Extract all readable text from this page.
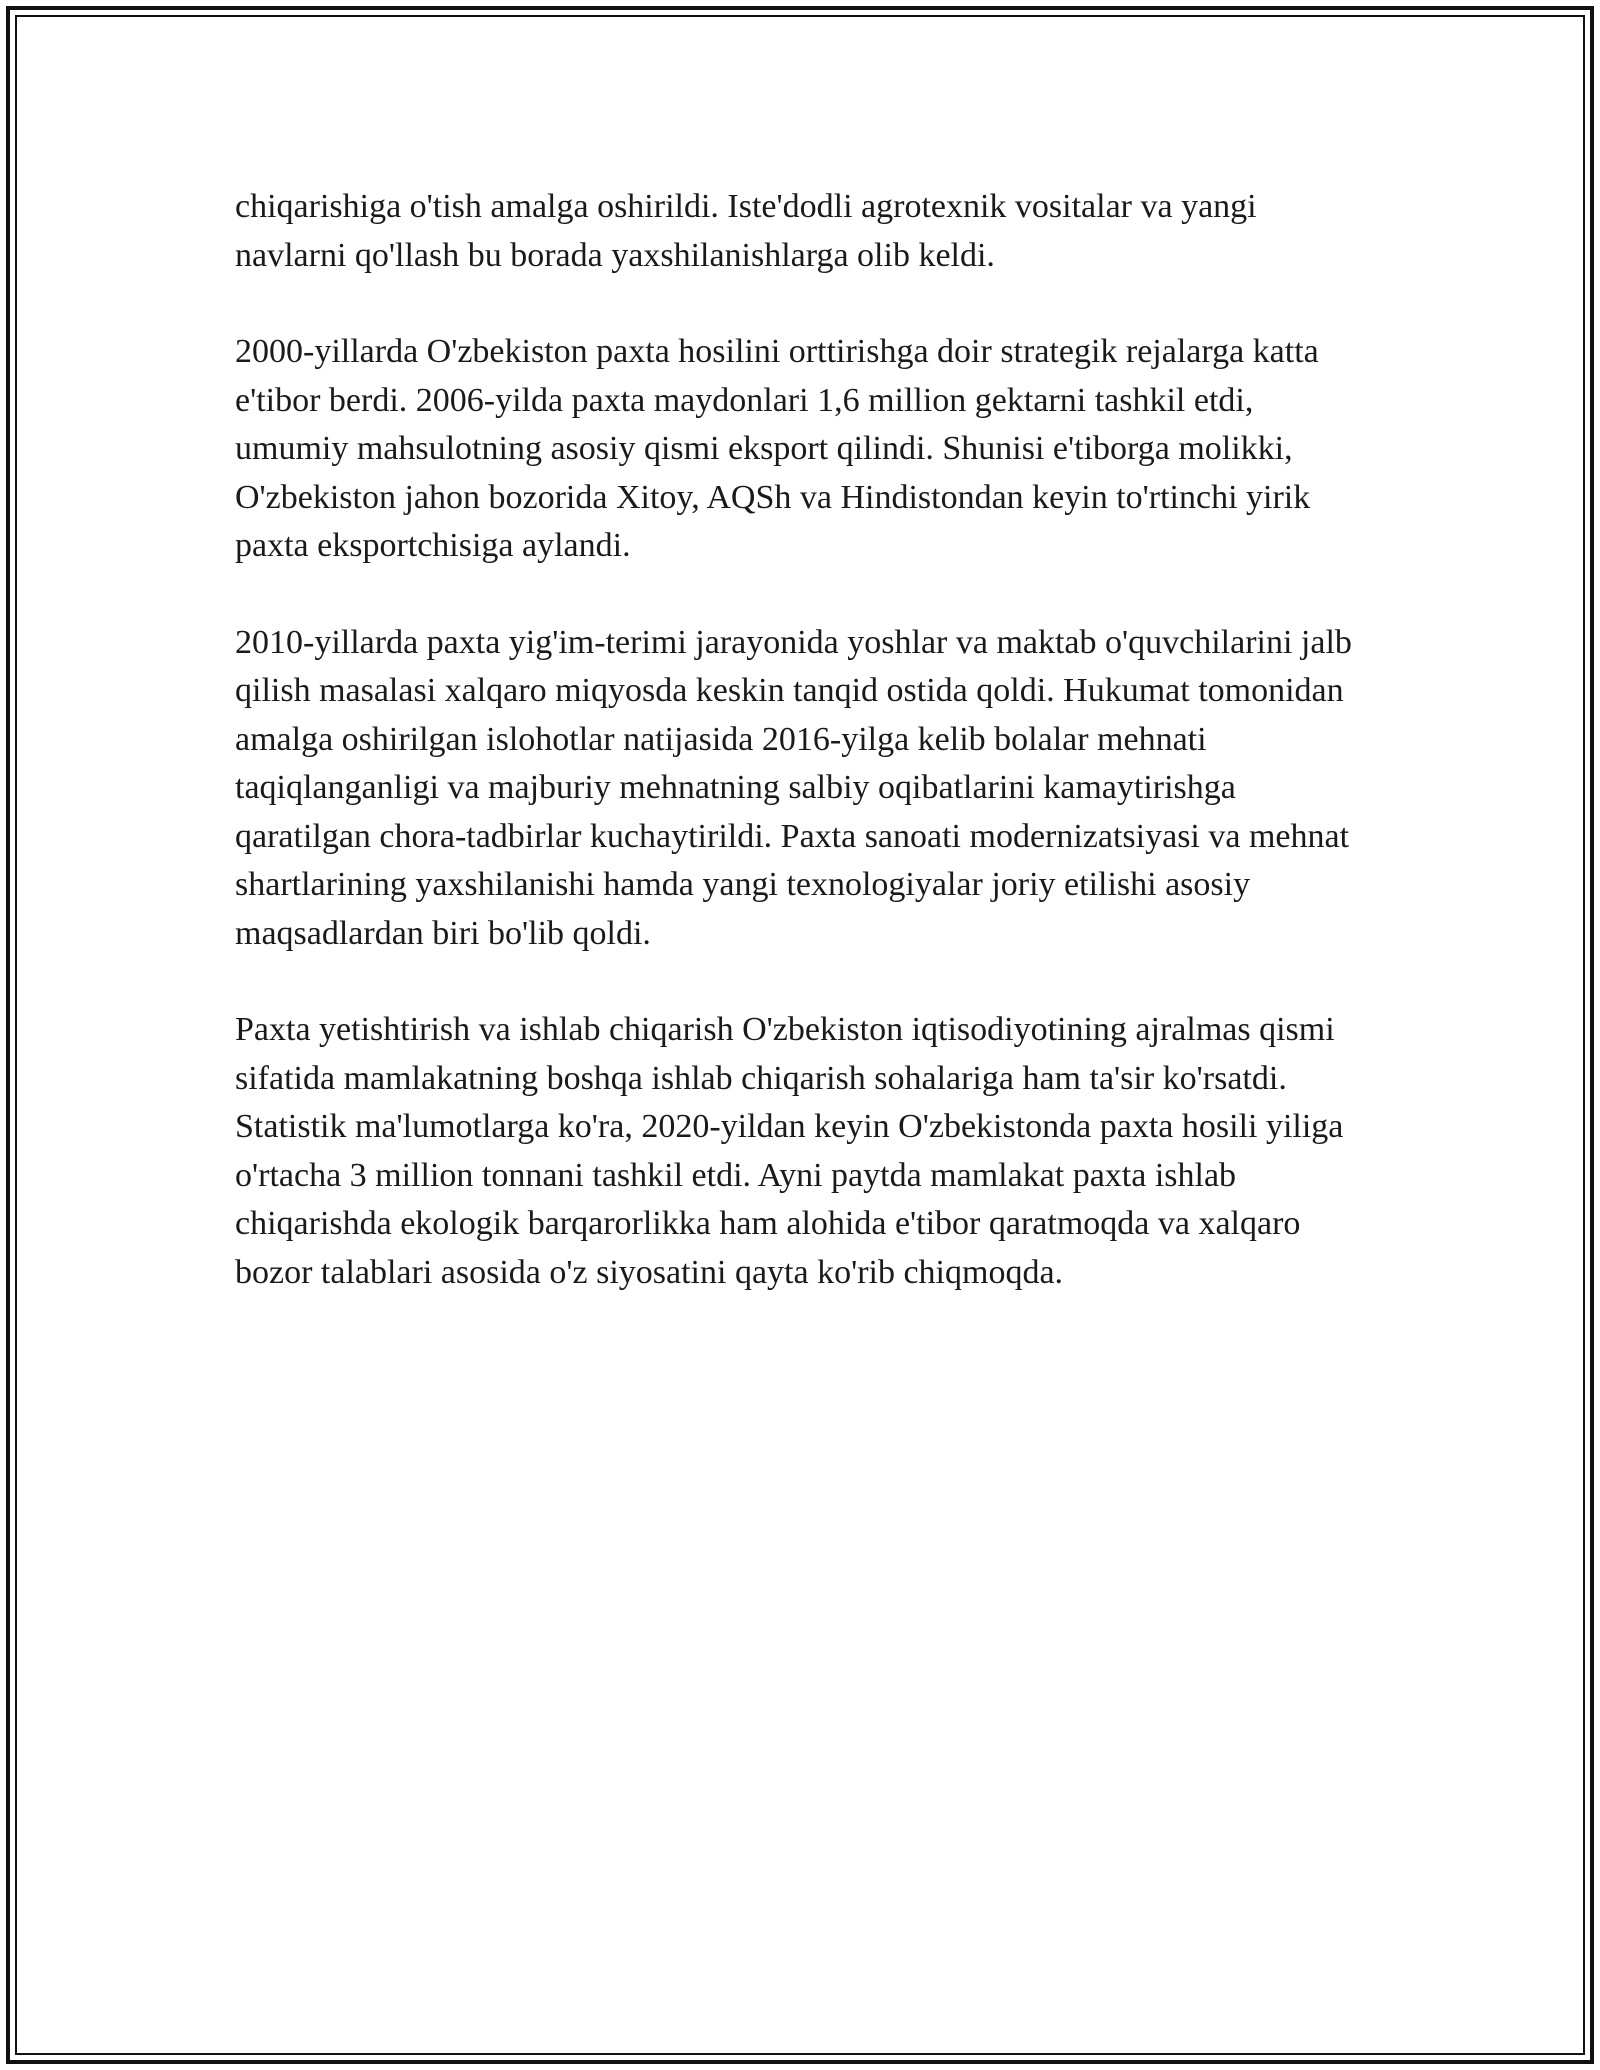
chiqarishiga o'tish amalga oshirildi. Iste'dodli agrotexnik vositalar va yangi navlarni qo'llash bu borada yaxshilanishlarga olib keldi.

2000-yillarda O'zbekiston paxta hosilini orttirishga doir strategik rejalarga katta e'tibor berdi. 2006-yilda paxta maydonlari 1,6 million gektarni tashkil etdi, umumiy mahsulotning asosiy qismi eksport qilindi. Shunisi e'tiborga molikki, O'zbekiston jahon bozorida Xitoy, AQSh va Hindistondan keyin to'rtinchi yirik paxta eksportchisiga aylandi.

2010-yillarda paxta yig'im-terimi jarayonida yoshlar va maktab o'quvchilarini jalb qilish masalasi xalqaro miqyosda keskin tanqid ostida qoldi. Hukumat tomonidan amalga oshirilgan islohotlar natijasida 2016-yilga kelib bolalar mehnati taqiqlanganligi va majburiy mehnatning salbiy oqibatlarini kamaytirishga qaratilgan chora-tadbirlar kuchaytirildi. Paxta sanoati modernizatsiyasi va mehnat shartlarining yaxshilanishi hamda yangi texnologiyalar joriy etilishi asosiy maqsadlardan biri bo'lib qoldi.

Paxta yetishtirish va ishlab chiqarish O'zbekiston iqtisodiyotining ajralmas qismi sifatida mamlakatning boshqa ishlab chiqarish sohalariga ham ta'sir ko'rsatdi. Statistik ma'lumotlarga ko'ra, 2020-yildan keyin O'zbekistonda paxta hosili yiliga o'rtacha 3 million tonnani tashkil etdi. Ayni paytda mamlakat paxta ishlab chiqarishda ekologik barqarorlikka ham alohida e'tibor qaratmoqda va xalqaro bozor talablari asosida o'z siyosatini qayta ko'rib chiqmoqda.
